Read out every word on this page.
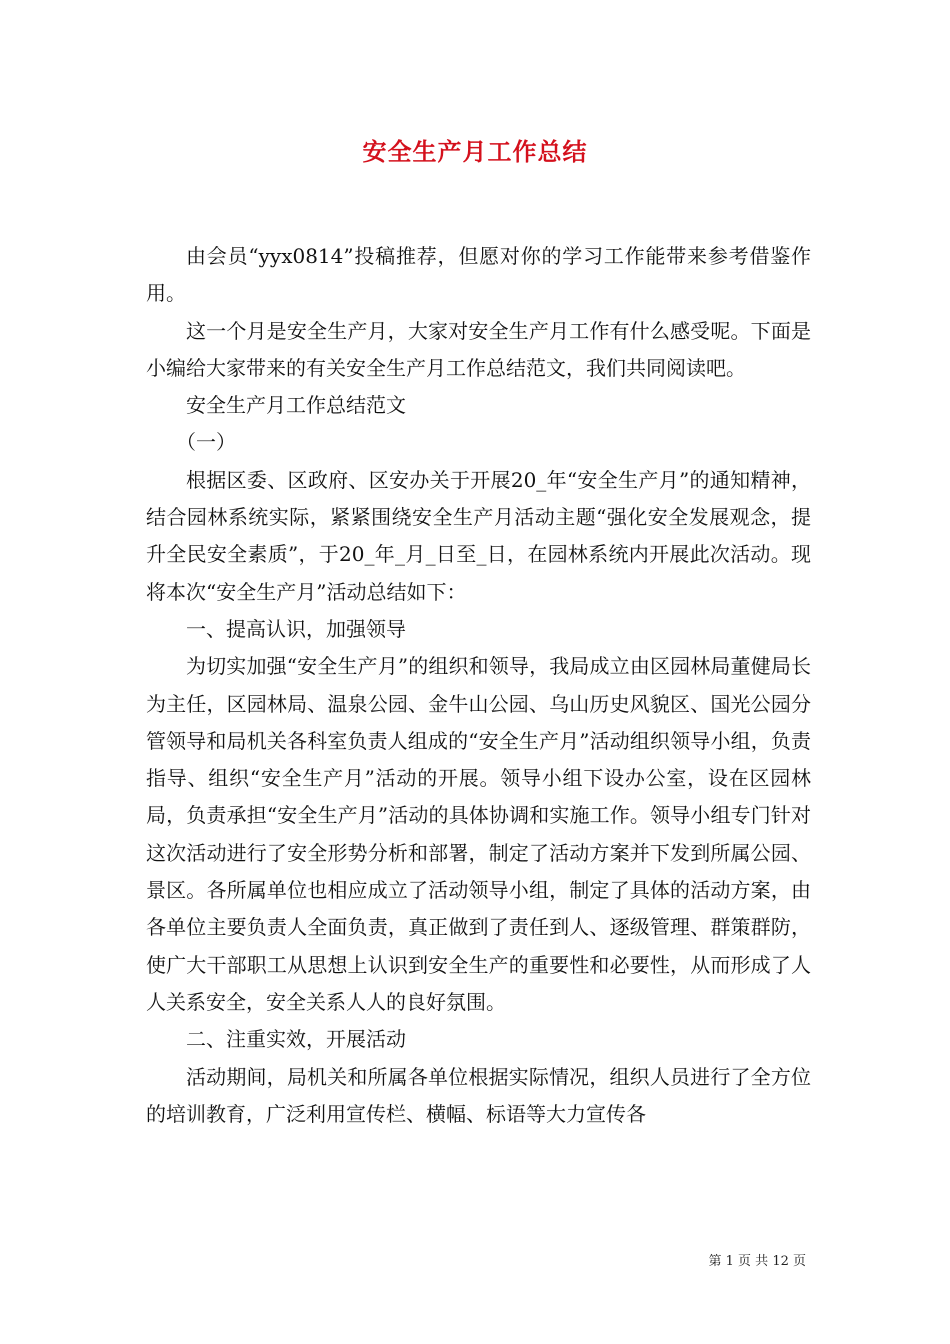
安全生产月工作总结

由会员“yyx0814”投稿推荐，但愿对你的学习工作能带来参考借鉴作用。

这一个月是安全生产月，大家对安全生产月工作有什么感受呢。下面是小编给大家带来的有关安全生产月工作总结范文，我们共同阅读吧。

安全生产月工作总结范文

（一）

根据区委、区政府、区安办关于开展20_年“安全生产月”的通知精神，结合园林系统实际，紧紧围绕安全生产月活动主题“强化安全发展观念，提升全民安全素质”，于20_年_月_日至_日，在园林系统内开展此次活动。现将本次“安全生产月”活动总结如下：

一、提高认识，加强领导

为切实加强“安全生产月”的组织和领导，我局成立由区园林局董健局长为主任，区园林局、温泉公园、金牛山公园、乌山历史风貌区、国光公园分管领导和局机关各科室负责人组成的“安全生产月”活动组织领导小组，负责指导、组织“安全生产月”活动的开展。领导小组下设办公室，设在区园林局，负责承担“安全生产月”活动的具体协调和实施工作。领导小组专门针对这次活动进行了安全形势分析和部署，制定了活动方案并下发到所属公园、景区。各所属单位也相应成立了活动领导小组，制定了具体的活动方案，由各单位主要负责人全面负责，真正做到了责任到人、逐级管理、群策群防，使广大干部职工从思想上认识到安全生产的重要性和必要性，从而形成了人人关系安全，安全关系人人的良好氛围。

二、注重实效，开展活动

活动期间，局机关和所属各单位根据实际情况，组织人员进行了全方位的培训教育，广泛利用宣传栏、横幅、标语等大力宣传各

第 1 页 共 12 页
